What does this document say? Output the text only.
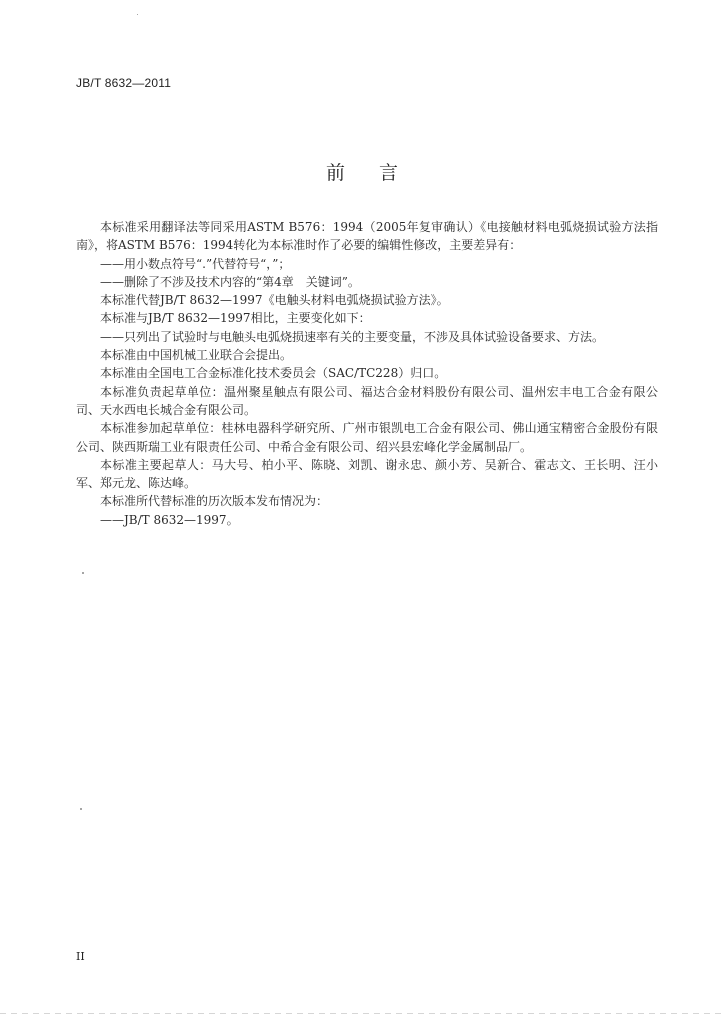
JB/T 8632—2011
前言

本标准采用翻译法等同采用ASTM B576：1994（2005年复审确认）《电接触材料电弧烧损试验方法指南》，将ASTM B576：1994转化为本标准时作了必要的编辑性修改，主要差异有：

——用小数点符号“.”代替符号“，”；

——删除了不涉及技术内容的“第4章　关键词”。

本标准代替JB/T 8632—1997《电触头材料电弧烧损试验方法》。

本标准与JB/T 8632—1997相比，主要变化如下：

——只列出了试验时与电触头电弧烧损速率有关的主要变量，不涉及具体试验设备要求、方法。

本标准由中国机械工业联合会提出。

本标准由全国电工合金标准化技术委员会（SAC/TC228）归口。

本标准负责起草单位：温州聚星触点有限公司、福达合金材料股份有限公司、温州宏丰电工合金有限公司、天水西电长城合金有限公司。

本标准参加起草单位：桂林电器科学研究所、广州市银凯电工合金有限公司、佛山通宝精密合金股份有限公司、陕西斯瑞工业有限责任公司、中希合金有限公司、绍兴县宏峰化学金属制品厂。

本标准主要起草人：马大号、柏小平、陈晓、刘凯、谢永忠、颜小芳、吴新合、霍志文、王长明、汪小军、郑元龙、陈达峰。

本标准所代替标准的历次版本发布情况为：

——JB/T 8632—1997。

II
